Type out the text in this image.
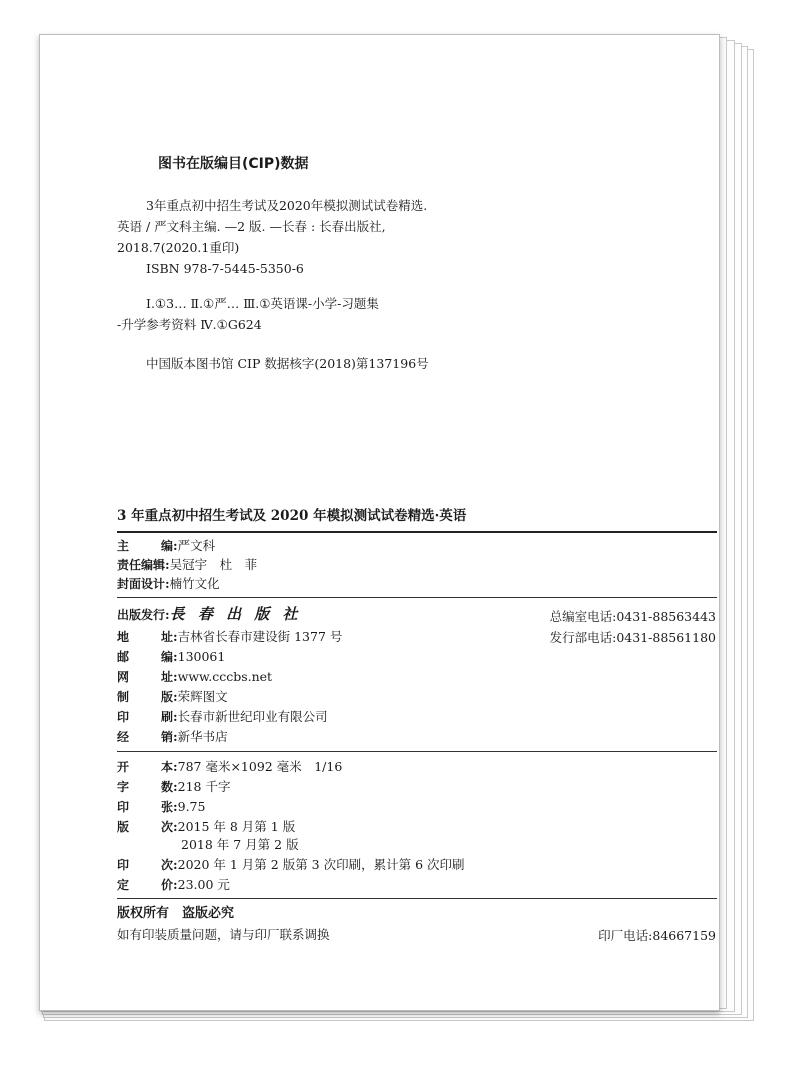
图书在版编目(CIP)数据
3年重点初中招生考试及2020年模拟测试试卷精选.
英语 / 严文科主编. —2 版. —长春 : 长春出版社,
2018.7(2020.1重印)
ISBN 978-7-5445-5350-6
Ⅰ.①3… Ⅱ.①严… Ⅲ.①英语课-小学-习题集
-升学参考资料 Ⅳ.①G624
中国版本图书馆 CIP 数据核字(2018)第137196号
3 年重点初中招生考试及 2020 年模拟测试试卷精选·英语
主	编 :严文科
责任编辑:吴冠宇　杜　菲
封面设计:楠竹文化
出版发行:長 春 出 版 社	总编室电话:0431-88563443
发行部电话:0431-88561180
地	址 :吉林省长春市建设街 1377 号
邮	编 :130061
网	址 :www.cccbs.net
制	版 :荣辉图文
印	刷 :长春市新世纪印业有限公司
经	销 :新华书店
开	本 :787 毫米×1092 毫米　1/16
字	数 :218 千字
印	张 :9.75
版	次 :2015 年 8 月第 1 版
2018 年 7 月第 2 版
印	次 :2020 年 1 月第 2 版第 3 次印刷，累计第 6 次印刷
定	价 :23.00 元
版权所有　盗版必究
如有印装质量问题，请与印厂联系调换	印厂电话:84667159
